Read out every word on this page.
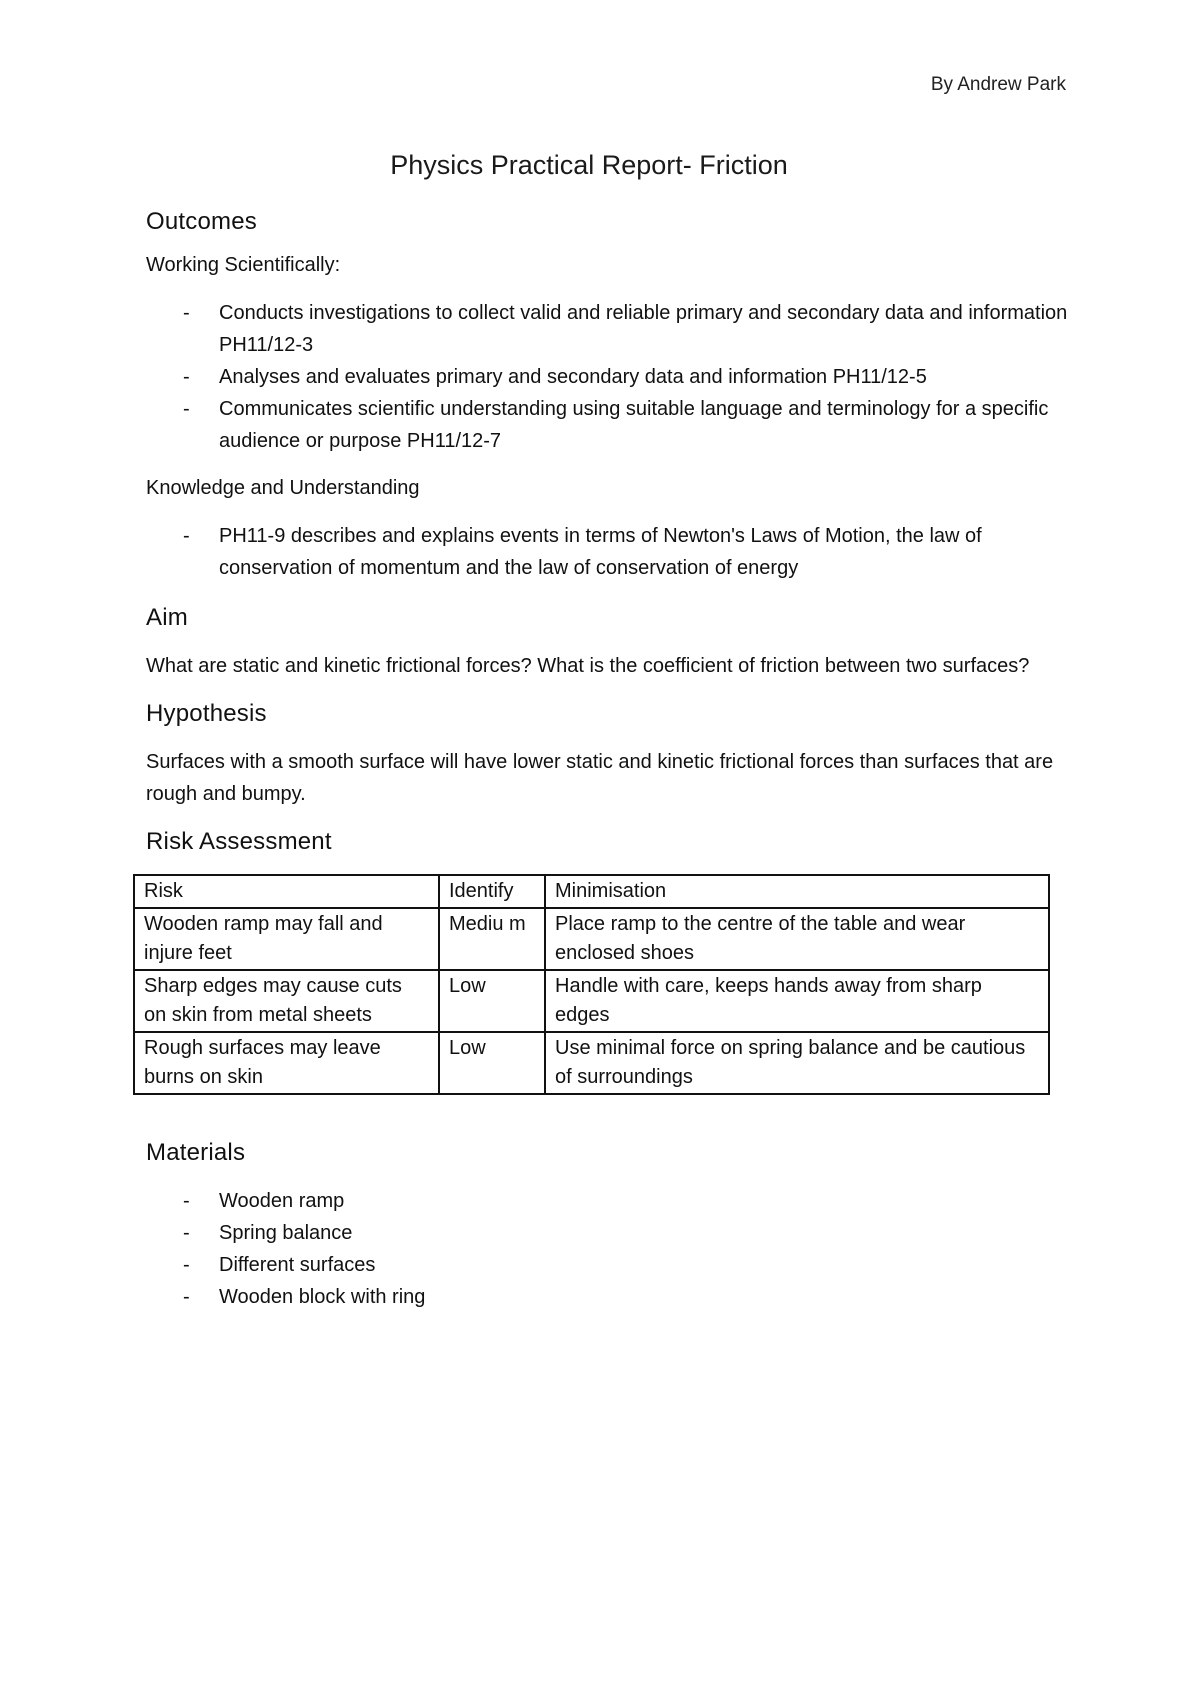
By Andrew Park
Physics Practical Report- Friction
Outcomes
Working Scientifically:
- Conducts investigations to collect valid and reliable primary and secondary data and information PH11/12-3
- Analyses and evaluates primary and secondary data and information PH11/12-5
- Communicates scientific understanding using suitable language and terminology for a specific audience or purpose PH11/12-7
Knowledge and Understanding
- PH11-9 describes and explains events in terms of Newton's Laws of Motion, the law of conservation of momentum and the law of conservation of energy
Aim

What are static and kinetic frictional forces? What is the coefficient of friction between two surfaces?

Hypothesis

Surfaces with a smooth surface will have lower static and kinetic frictional forces than surfaces that are rough and bumpy.

Risk Assessment
Risk	Identify	Minimisation
Wooden ramp may fall and injure feet	Mediu m	Place ramp to the centre of the table and wear enclosed shoes
Sharp edges may cause cuts on skin from metal sheets	Low	Handle with care, keeps hands away from sharp edges
Rough surfaces may leave burns on skin	Low	Use minimal force on spring balance and be cautious of surroundings
Materials
- Wooden ramp
- Spring balance
- Different surfaces
- Wooden block with ring
